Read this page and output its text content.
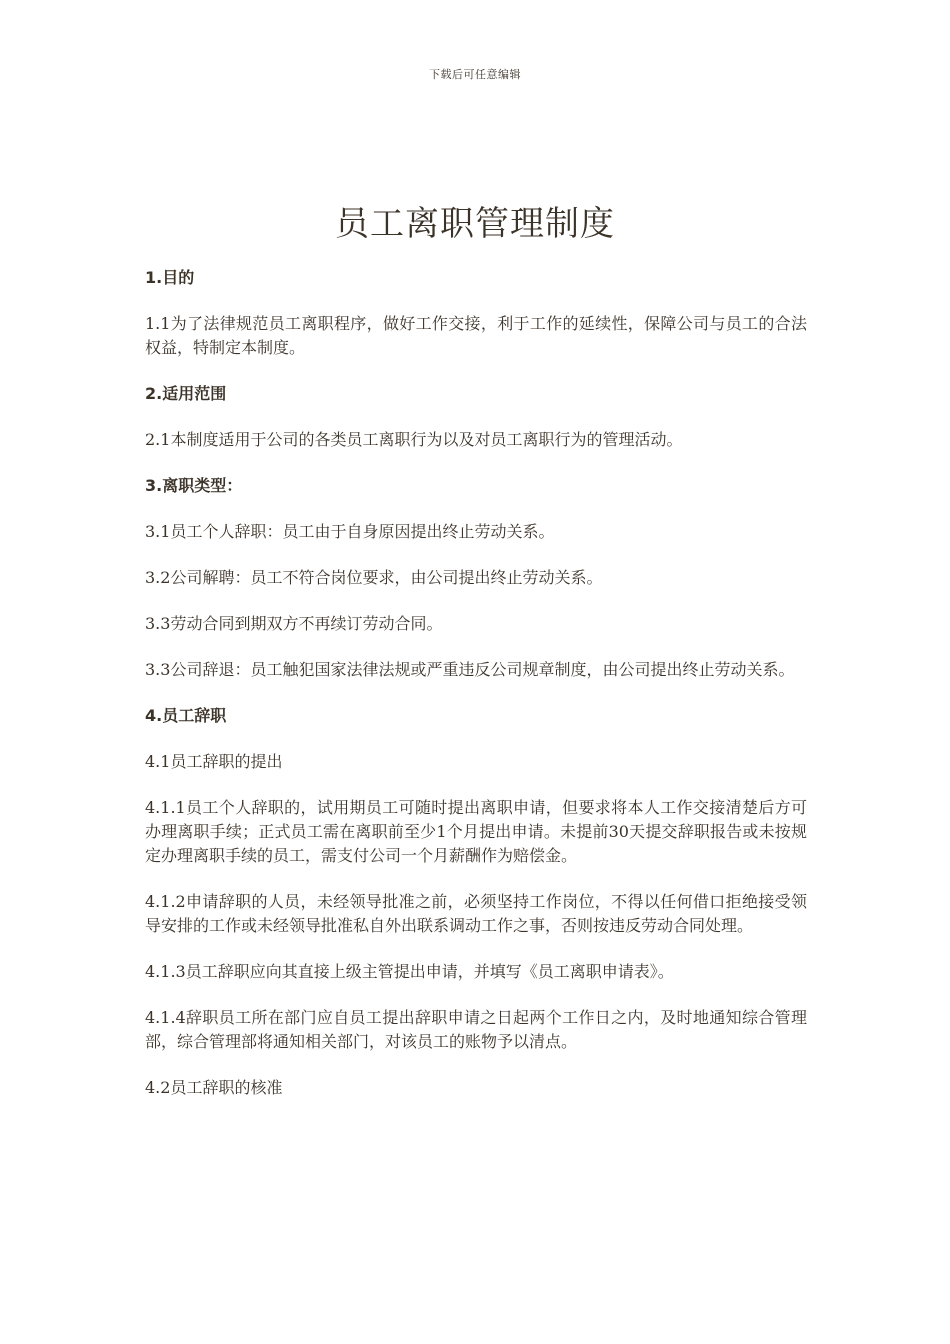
下载后可任意编辑
员工离职管理制度
1.目的

1.1为了法律规范员工离职程序，做好工作交接，利于工作的延续性，保障公司与员工的合法权益，特制定本制度。

2.适用范围

2.1本制度适用于公司的各类员工离职行为以及对员工离职行为的管理活动。

3.离职类型：

3.1员工个人辞职：员工由于自身原因提出终止劳动关系。

3.2公司解聘：员工不符合岗位要求，由公司提出终止劳动关系。

3.3劳动合同到期双方不再续订劳动合同。

3.3公司辞退：员工触犯国家法律法规或严重违反公司规章制度，由公司提出终止劳动关系。

4.员工辞职

4.1员工辞职的提出

4.1.1员工个人辞职的，试用期员工可随时提出离职申请，但要求将本人工作交接清楚后方可办理离职手续；正式员工需在离职前至少1个月提出申请。未提前30天提交辞职报告或未按规定办理离职手续的员工，需支付公司一个月薪酬作为赔偿金。

4.1.2申请辞职的人员，未经领导批准之前，必须坚持工作岗位，不得以任何借口拒绝接受领导安排的工作或未经领导批准私自外出联系调动工作之事，否则按违反劳动合同处理。

4.1.3员工辞职应向其直接上级主管提出申请，并填写《员工离职申请表》。

4.1.4辞职员工所在部门应自员工提出辞职申请之日起两个工作日之内，及时地通知综合管理部，综合管理部将通知相关部门，对该员工的账物予以清点。

4.2员工辞职的核准
